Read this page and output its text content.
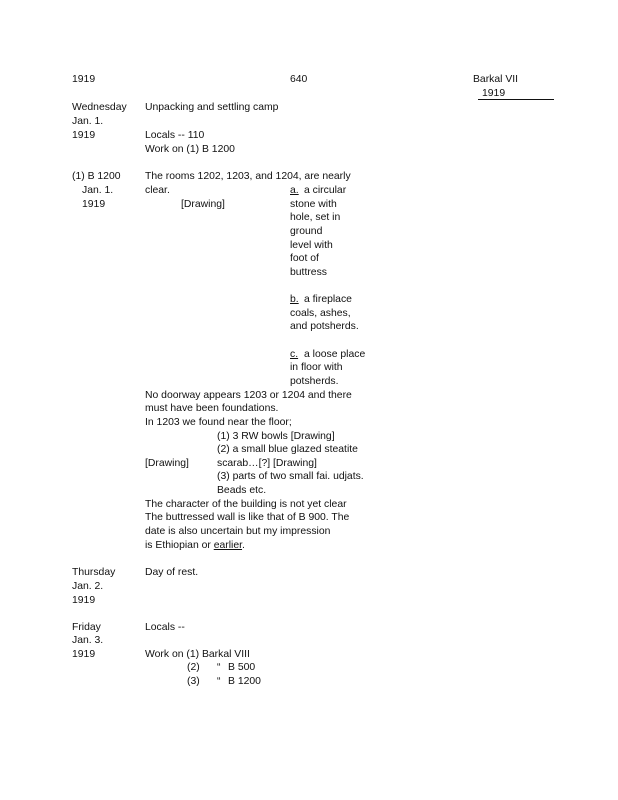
1919	640	Barkal VII
1919
Wednesday
Jan. 1.
1919
Unpacking and settling camp
Locals -- 110
Work on (1) B 1200
(1) B 1200
Jan. 1.
1919
The rooms 1202, 1203, and 1204, are nearly
clear.
[Drawing]
a. a circular
stone with
hole, set in
ground
level with
foot of
buttress
b. a fireplace
coals, ashes,
and potsherds.
c. a loose place
in floor with
potsherds.
No doorway appears 1203 or 1204 and there
must have been foundations.
In 1203 we found near the floor;
(1) 3 RW bowls [Drawing]
(2) a small blue glazed steatite
[Drawing]	scarab…[?] [Drawing]
(3) parts of two small fai. udjats.
Beads etc.
The character of the building is not yet clear
The buttressed wall is like that of B 900. The
date is also uncertain but my impression
is Ethiopian or earlier.
Thursday
Jan. 2.
1919
Day of rest.
Friday
Jan. 3.
1919
Locals --
Work on (1) Barkal VIII
(2) “ B 500
(3) “ B 1200
